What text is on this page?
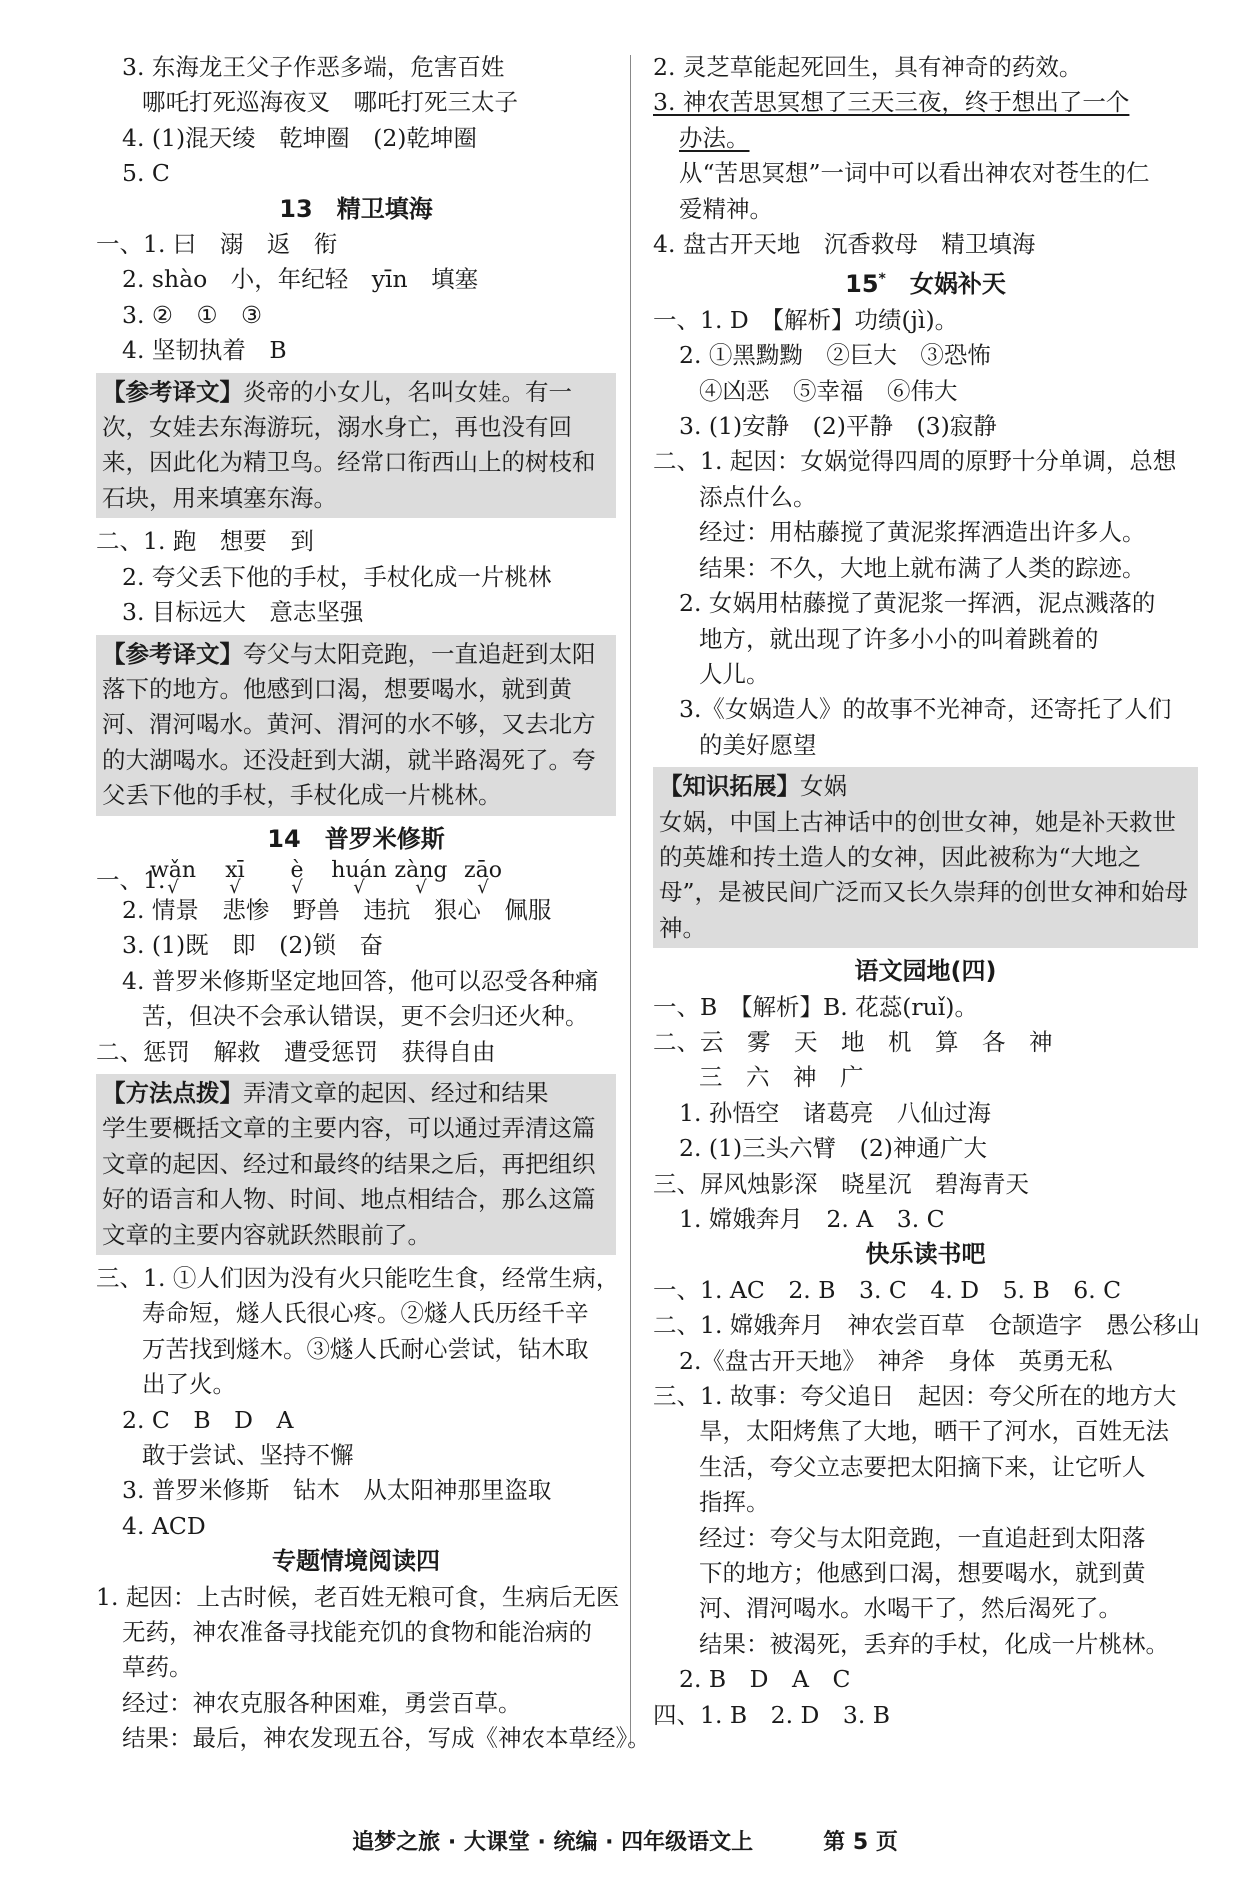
3. 东海龙王父子作恶多端，危害百姓
哪吒打死巡海夜叉　哪吒打死三太子
4. (1)混天绫　乾坤圈　(2)乾坤圈
5. C
13　精卫填海
一、1. 曰　溺　返　衔
2. shào　小，年纪轻　yīn　填塞
3. ②　①　③
4. 坚韧执着　B
【参考译文】炎帝的小女儿，名叫女娃。有一次，女娃去东海游玩，溺水身亡，再也没有回来，因此化为精卫鸟。经常口衔西山上的树枝和石块，用来填塞东海。
二、1. 跑　想要　到
2. 夸父丢下他的手杖，手杖化成一片桃林
3. 目标远大　意志坚强
【参考译文】夸父与太阳竞跑，一直追赶到太阳落下的地方。他感到口渴，想要喝水，就到黄河、渭河喝水。黄河、渭河的水不够，又去北方的大湖喝水。还没赶到大湖，就半路渴死了。夸父丢下他的手杖，手杖化成一片桃林。
14　普罗米修斯
一、1.
wǎn xī è huán zàng zāo
√	√	√	√	√	√
2. 情景　悲惨　野兽　违抗　狠心　佩服
3. (1)既　即　(2)锁　奋
4. 普罗米修斯坚定地回答，他可以忍受各种痛
苦，但决不会承认错误，更不会归还火种。
二、惩罚　解救　遭受惩罚　获得自由
【方法点拨】弄清文章的起因、经过和结果
学生要概括文章的主要内容，可以通过弄清这篇文章的起因、经过和最终的结果之后，再把组织好的语言和人物、时间、地点相结合，那么这篇文章的主要内容就跃然眼前了。
三、1. ①人们因为没有火只能吃生食，经常生病，
寿命短，燧人氏很心疼。②燧人氏历经千辛
万苦找到燧木。③燧人氏耐心尝试，钻木取
出了火。
2. C　B　D　A
敢于尝试、坚持不懈
3. 普罗米修斯　钻木　从太阳神那里盗取
4. ACD
专题情境阅读四
1. 起因：上古时候，老百姓无粮可食，生病后无医
无药，神农准备寻找能充饥的食物和能治病的
草药。
经过：神农克服各种困难，勇尝百草。
结果：最后，神农发现五谷，写成《神农本草经》。
2. 灵芝草能起死回生，具有神奇的药效。
3. 神农苦思冥想了三天三夜，终于想出了一个
办法。
从“苦思冥想”一词中可以看出神农对苍生的仁
爱精神。
4. 盘古开天地　沉香救母　精卫填海
15*　 女娲补天
一、1. D　【解析】功绩(jì)。
2. ①黑黝黝　②巨大　③恐怖
④凶恶　⑤幸福　⑥伟大
3. (1)安静　(2)平静　(3)寂静
二、1. 起因：女娲觉得四周的原野十分单调，总想
添点什么。
经过：用枯藤搅了黄泥浆挥洒造出许多人。
结果：不久，大地上就布满了人类的踪迹。
2. 女娲用枯藤搅了黄泥浆一挥洒，泥点溅落的
地方，就出现了许多小小的叫着跳着的
人儿。
3.《女娲造人》的故事不光神奇，还寄托了人们
的美好愿望
【知识拓展】女娲
女娲，中国上古神话中的创世女神，她是补天救世的英雄和抟土造人的女神，因此被称为“大地之母”，是被民间广泛而又长久崇拜的创世女神和始母神。
语文园地(四)
一、B　【解析】B. 花蕊(ruǐ)。
二、云　雾　天　地　机　算　各　神
三　六　神　广
1. 孙悟空　诸葛亮　八仙过海
2. (1)三头六臂　(2)神通广大
三、屏风烛影深　晓星沉　碧海青天
1. 嫦娥奔月　2. A　3. C
快乐读书吧
一、1. AC　2. B　3. C　4. D　5. B　6. C
二、1. 嫦娥奔月　神农尝百草　仓颉造字　愚公移山
2.《盘古开天地》　神斧　身体　英勇无私
三、1. 故事：夸父追日　起因：夸父所在的地方大
旱，太阳烤焦了大地，晒干了河水，百姓无法
生活，夸父立志要把太阳摘下来，让它听人
指挥。
经过：夸父与太阳竞跑，一直追赶到太阳落
下的地方；他感到口渴，想要喝水，就到黄
河、渭河喝水。水喝干了，然后渴死了。
结果：被渴死，丢弃的手杖，化成一片桃林。
2. B　D　A　C
四、1. B　2. D　3. B
追梦之旅 · 大课堂 · 统编 · 四年级语文上	第 5 页
